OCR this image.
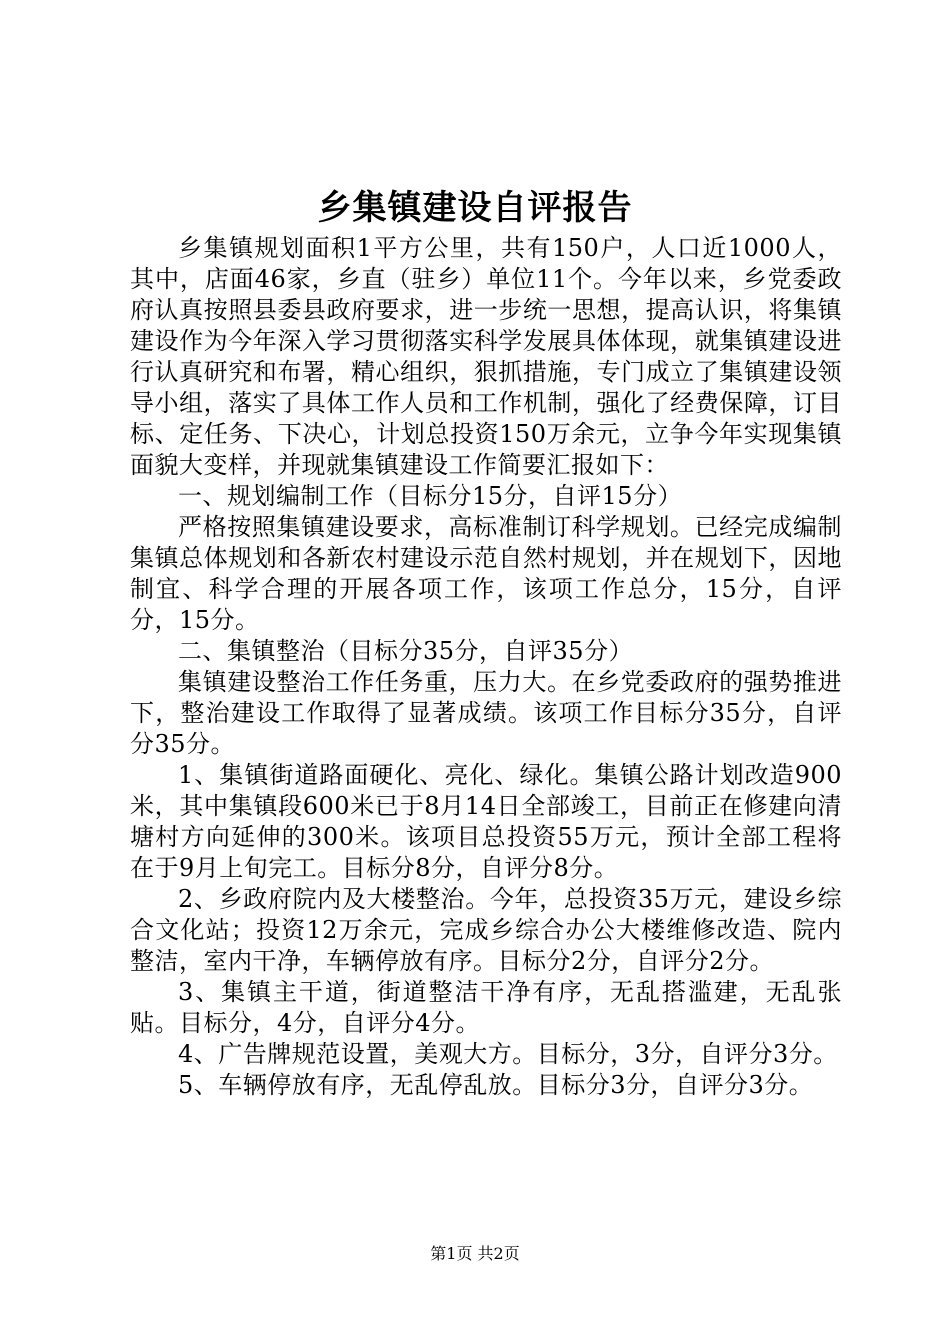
乡集镇建设自评报告

乡集镇规划面积1平方公里，共有150户，人口近1000人，其中，店面46家，乡直（驻乡）单位11个。今年以来，乡党委政府认真按照县委县政府要求，进一步统一思想，提高认识，将集镇建设作为今年深入学习贯彻落实科学发展具体体现，就集镇建设进行认真研究和布署，精心组织，狠抓措施，专门成立了集镇建设领导小组，落实了具体工作人员和工作机制，强化了经费保障，订目标、定任务、下决心，计划总投资150万余元，立争今年实现集镇面貌大变样，并现就集镇建设工作简要汇报如下：

一、规划编制工作（目标分15分，自评15分）

严格按照集镇建设要求，高标准制订科学规划。已经完成编制集镇总体规划和各新农村建设示范自然村规划，并在规划下，因地制宜、科学合理的开展各项工作，该项工作总分，15分，自评分，15分。

二、集镇整治（目标分35分，自评35分）

集镇建设整治工作任务重，压力大。在乡党委政府的强势推进下，整治建设工作取得了显著成绩。该项工作目标分35分，自评分35分。

1、集镇街道路面硬化、亮化、绿化。集镇公路计划改造900米，其中集镇段600米已于8月14日全部竣工，目前正在修建向清塘村方向延伸的300米。该项目总投资55万元，预计全部工程将在于9月上旬完工。目标分8分，自评分8分。

2、乡政府院内及大楼整治。今年，总投资35万元，建设乡综合文化站；投资12万余元，完成乡综合办公大楼维修改造、院内整洁，室内干净，车辆停放有序。目标分2分，自评分2分。

3、集镇主干道，街道整洁干净有序，无乱搭滥建，无乱张贴。目标分，4分，自评分4分。

4、广告牌规范设置，美观大方。目标分，3分，自评分3分。

5、车辆停放有序，无乱停乱放。目标分3分，自评分3分。

第1页 共2页
